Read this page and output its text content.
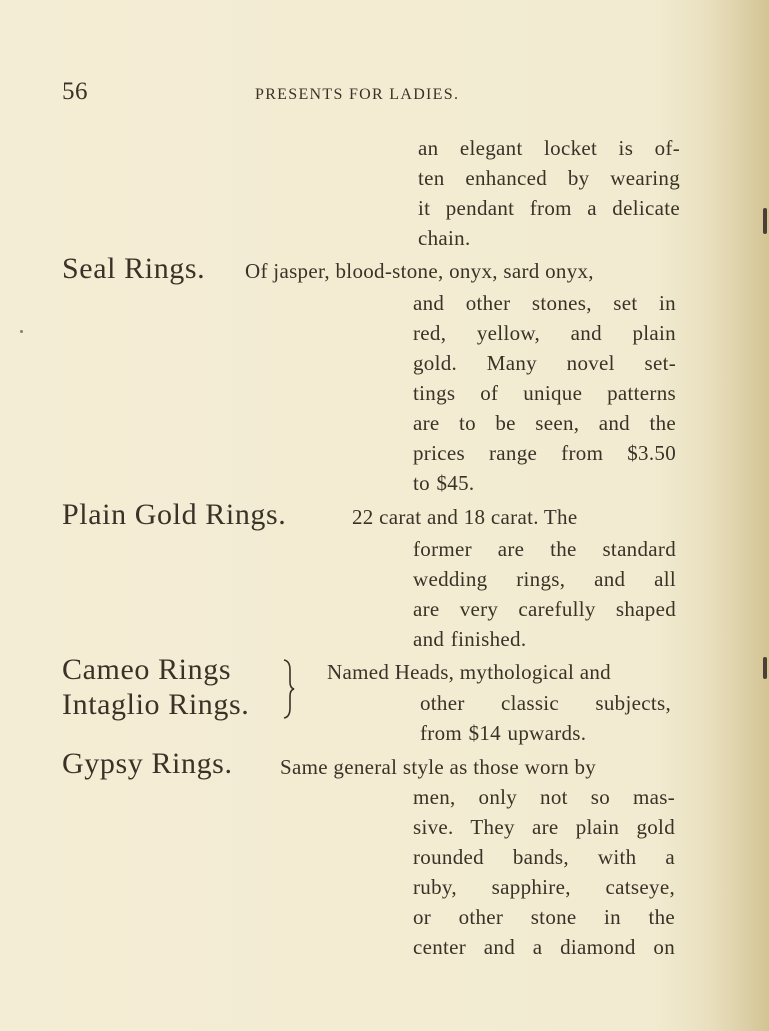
56	PRESENTS FOR LADIES.
an elegant locket is of-
ten enhanced by wearing
it pendant from a delicate
chain.
Seal Rings. Of jasper, blood-stone, onyx, sard onyx,
and other stones, set in
red, yellow, and plain
gold. Many novel set-
tings of unique patterns
are to be seen, and the
prices range from $3.50
to $45.
Plain Gold Rings.	22 carat and 18 carat. The
former are the standard
wedding rings, and all
are very carefully shaped
and finished.
Cameo Rings
Intaglio Rings.
Named Heads, mythological and
other classic subjects,
from $14 upwards.
Gypsy Rings. Same general style as those worn by
men, only not so mas-
sive. They are plain gold
rounded bands, with a
ruby, sapphire, catseye,
or other stone in the
center and a diamond on
